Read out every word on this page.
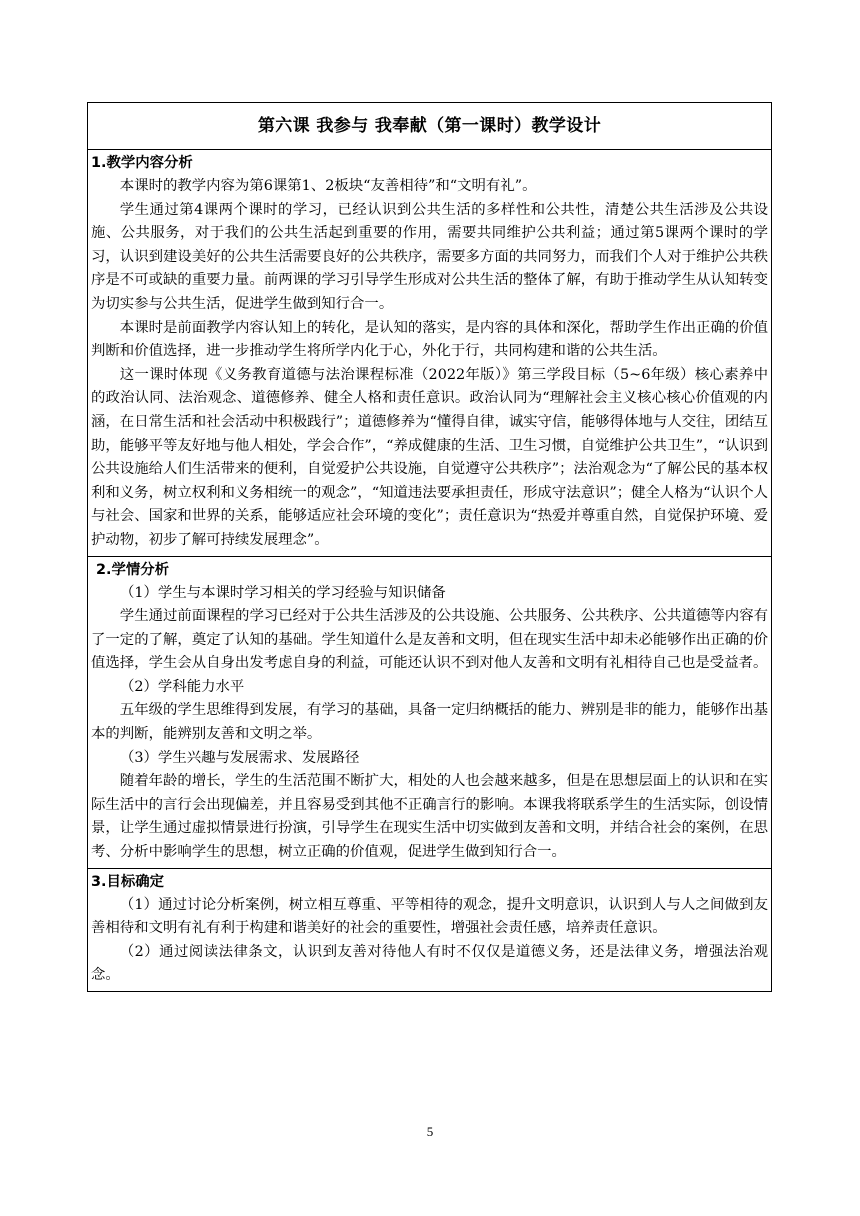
第六课 我参与 我奉献（第一课时）教学设计

1.教学内容分析

本课时的教学内容为第6课第1、2板块“友善相待”和“文明有礼”。

学生通过第4课两个课时的学习，已经认识到公共生活的多样性和公共性，清楚公共生活涉及公共设施、公共服务，对于我们的公共生活起到重要的作用，需要共同维护公共利益；通过第5课两个课时的学习，认识到建设美好的公共生活需要良好的公共秩序，需要多方面的共同努力，而我们个人对于维护公共秩序是不可或缺的重要力量。前两课的学习引导学生形成对公共生活的整体了解，有助于推动学生从认知转变为切实参与公共生活，促进学生做到知行合一。

本课时是前面教学内容认知上的转化，是认知的落实，是内容的具体和深化，帮助学生作出正确的价值判断和价值选择，进一步推动学生将所学内化于心，外化于行，共同构建和谐的公共生活。

这一课时体现《义务教育道德与法治课程标准（2022年版）》第三学段目标（5~6年级）核心素养中的政治认同、法治观念、道德修养、健全人格和责任意识。政治认同为“理解社会主义核心核心价值观的内涵，在日常生活和社会活动中积极践行”；道德修养为“懂得自律，诚实守信，能够得体地与人交往，团结互助，能够平等友好地与他人相处，学会合作”，“养成健康的生活、卫生习惯，自觉维护公共卫生”，“认识到公共设施给人们生活带来的便利，自觉爱护公共设施，自觉遵守公共秩序”；法治观念为“了解公民的基本权利和义务，树立权利和义务相统一的观念”，“知道违法要承担责任，形成守法意识”；健全人格为“认识个人与社会、国家和世界的关系，能够适应社会环境的变化”；责任意识为“热爱并尊重自然，自觉保护环境、爱护动物，初步了解可持续发展理念”。

2.学情分析
（1）学生与本课时学习相关的学习经验与知识储备

学生通过前面课程的学习已经对于公共生活涉及的公共设施、公共服务、公共秩序、公共道德等内容有了一定的了解，奠定了认知的基础。学生知道什么是友善和文明，但在现实生活中却未必能够作出正确的价值选择，学生会从自身出发考虑自身的利益，可能还认识不到对他人友善和文明有礼相待自己也是受益者。

（2）学科能力水平

五年级的学生思维得到发展，有学习的基础，具备一定归纳概括的能力、辨别是非的能力，能够作出基本的判断，能辨别友善和文明之举。

（3）学生兴趣与发展需求、发展路径

随着年龄的增长，学生的生活范围不断扩大，相处的人也会越来越多，但是在思想层面上的认识和在实际生活中的言行会出现偏差，并且容易受到其他不正确言行的影响。本课我将联系学生的生活实际，创设情景，让学生通过虚拟情景进行扮演，引导学生在现实生活中切实做到友善和文明，并结合社会的案例，在思考、分析中影响学生的思想，树立正确的价值观，促进学生做到知行合一。

3.目标确定

（1）通过讨论分析案例，树立相互尊重、平等相待的观念，提升文明意识，认识到人与人之间做到友善相待和文明有礼有利于构建和谐美好的社会的重要性，增强社会责任感，培养责任意识。

（2）通过阅读法律条文，认识到友善对待他人有时不仅仅是道德义务，还是法律义务，增强法治观念。

5
